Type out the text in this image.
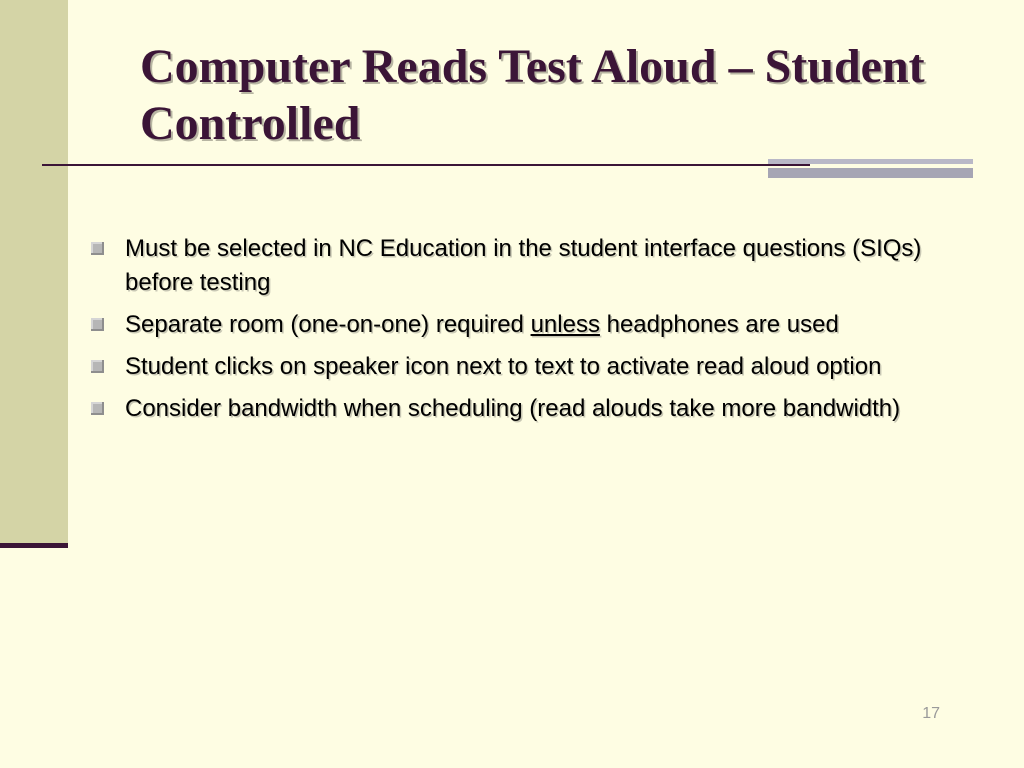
Computer Reads Test Aloud – Student Controlled
Must be selected in NC Education in the student interface questions (SIQs) before testing
Separate room (one-on-one) required unless headphones are used
Student clicks on speaker icon next to text to activate read aloud option
Consider bandwidth when scheduling (read alouds take more bandwidth)
17
